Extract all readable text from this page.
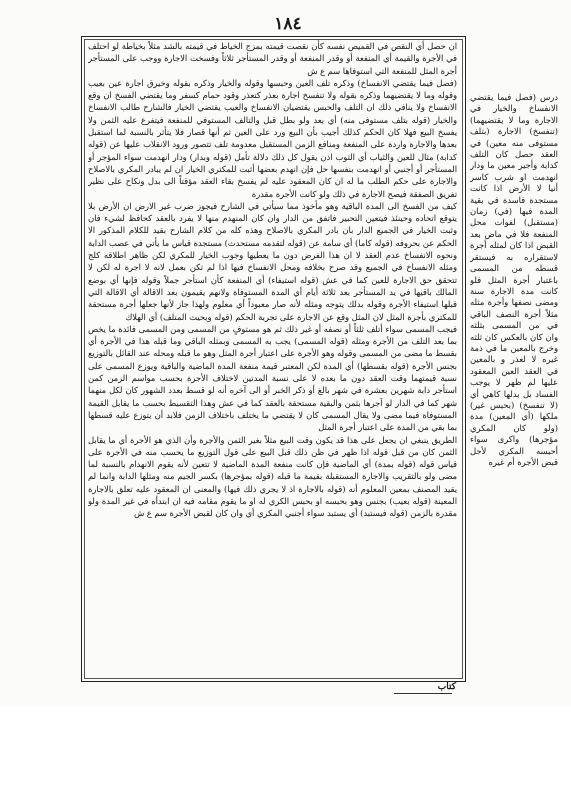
١٨٤

ان حصل أي النقص في القميص نفسه كأن نقصت قيمته بمزج الخياط في قيمته بالشد مثلاً بخياطة لو احتلف في الأجرة والقيمة أي المنفعة أو وقدر المنفعة أو وقدر المستأجر ثلاثاً وفسخت الاجارة ووجب على المستأجر أجرة المثل للمنفعة التي استوفاها سم ع ش

(فصل فيما يقتضي الانفساخ) وذكره تلف العين وحبسها وقوله والخيار وذكره بقوله وخيرق اجارة عين بعيب وقوله وما لا يقتضيهما وذكره بقوله ولا تنفسخ اجارة بعذر كتعذر وقود حمام كسفر وما يقتضي الفسخ ان وقع الانفساخ ولا ينافي ذلك ان التلف والحبس يقتضيان الانفساخ والعيب يقتضي الخيار فالشارح طالب الانفساخ والخيار (قوله بتلف مستوفى منه) أي بعد ولو بطل قبل والتالف المستوفي للمنفعة فيتفرع عليه الثمن ولا يفسخ البيع فهلا كان الحكم كذلك أجيب بأن البيع ورد على العين ثم أنها قصار فلا يتأثر بالنسبة لما استقبل بعدها والاجارة واردة على المنفعة ومنافع الزمن المستقبل معدومة تلف تتصور ورود الانقلاب عليها عن (قوله كدابة) مثال للعين والثياب أي الثوب اذن يقول كل ذلك دلالة تأمل (قوله وبدار) ودار انهدمت سواء المؤجر أو المستأجر أو أجنبي أو انهدمت بنفسها حل فإن انهدم بعضها أثبت للمكتري الخيار ان لم يبادر المكري بالاصلاح والاجارة على حكم الطلب ما له ان كان المعقود عليه لم يفسخ بقاء العقد مؤقتاً الى بدل ونكاح على نظير تفريق الصفقة فيصح الاجارة في ذلك ولو كانت الأجرة مقدرة

كيف من الفسخ الى المدة الباقية وهو مأخوذ مما سيأتي في الشارح فيجوز ضرب غير الارض ان الأرض بلا يتوقع اتحاده وحينئذ فيتعين التحبير فاتفق من الدار وان كان المنهدم منها لا يفرد بالعقد كحافظ لشيء فان وثبت الخيار في الجميع الدار بان بادر المكري بالاصلاح وهذه كله من كلام الشارح بقيد للكلام المذكور الا الحكم عن بحروفه (قوله كاما) أي سامة عن (قوله لتقدمه مستحدث) مستجدة قياس ما يأتي في عصب الدابة ونحوه الانفساخ عدم العقد لا ان هذا الفرض دون ما يعطيها وجوب الخيار للمكري لكن ظاهر اطلاقه كلج ومثله الانفساخ في الجميع وقد صرح بخلافه ومحل الانفساخ فيها اذا لم تكن بعمل لانه لا اجرة له لكن لا تتحقق حق الاجارة للعين كما في عش (قوله استيفاء) أي المنفعة كأن استأجر جملاً وقوله فإنها أي بوضع المالك باقيها في يد المستأجر بعد ثلاثة أيام أي المدة المستوفاة ولانهم يقيمون بعد الاقالة أي الاقالة التي قبلها استيفاء الأجرة وقوله بدلك يتوجه ومثله لأنه صار معبوداً أي معلوم ولهذا جاز لأنها جعلها أجرة مستحقة للمكتري بأجرة المثل لان المثل وقع عن الاجارة على تجربة الحكم (قوله وبحيث المتلف) أي الهلاك

فيجب المسمى سواء أتلف ثلثاً أو نصفه أو غير ذلك ثم هو مستوفٍ من المسمى ومن المسمى فائدة ما يخص بما بعد التلف من الأجرة ومثله (قوله المسمى) يجب به المسمى وبمثله الباقي وما قبله هذا في الأجرة أي بقسط ما مضى من المسمى وقوله وهو الأجرة على اعتبار أجرة المثل وهو ما قبله ومحله عند القائل بالتوزيع بجنس الأجرة (قوله بقسطها) أي المدة لكن المعتبر قيمة منفعة المدة الماضية والباقية ويوزع المسمى على نسبة قيمتهما وقت العقد دون ما بعده لا على نسبة المدتين لاختلاف الأجرة بحسب مواسم الزمن كمن استأجر دابة شهرين بعشرة في شهر بالغ أو ذكر الخبر أو الى آخره أنه لو قسط بعدد الشهور كان لكل منهما شهر كما في الدار لو آجرها بثمن والبقية مستحقة بالعقد كما في عش وهذا التقسيط بحسب ما يقابل القيمة المستوفاة فيما مضى ولا يقال المسمى كان لا يقتضي ما يختلف باختلاف الزمن فلابد أن يتوزع عليه قسطها بما بقي من المدة على اعتبار أجرة المثل

الطريق ينبغي ان يجعل على هذا قد يكون وقت البيع مثلاً بغير الثمن والأجرة وأن الذي هو الأجرة أي ما يقابل الثمن كان من قبل قوله اذا ظهر في ظن ذلك قبل البيع على قول التوزيع ما يحسب منه في الأجرة على قياس قوله (قوله بمدة) أي الماضية فإن كانت منفعة المدة الماضية لا تتعين لأنه يقوم الانهدام بالنسبة لما مضى ولو بالتقريب والاجارة المستقبلة بقيمة ما قبله (قوله بمؤجرها) بكسر الجيم منه ومثلها الدابة وانما لم يقيد المصنف بمعين المعلوم أنه (قوله بالاجارة اذ لا يجري ذلك فيها) والمعنى ان المعقود عليه تعلق بالاجارة المعينة (قوله بعيب) بجنس وهو بحبسه او بحبس الكري له او ما يقوم مقامه فيه ان ابتدأه في غير المدة ولو مقدرة بالزمن (قوله فيستبد) أي يستبد سواء أجنبي المكري أي وان كان لقبض الأجرة سم ع ش

درس (فصل فيما يقتضي الانفساخ والخيار في الاجارة وما لا يقتضيهما) (تنفسخ) الاجارة (بتلف مستوفى منه معين) في العقد حصل كان التلف كدابة وأجير معين ما ودار انهدمت او شرب كاسر أنيا لا الأرض اذا كانت مستجدة فاسدة في بقية المدة فيها (في) زمان (مستقبل) لفوات محل المنفعة فلا في ماض بعد القبض اذا كان لمثله أجرة لاستقراره به فيستقر قسطه من المسمى باعتبار أجرة المثل فلو كانت مدة الاجارة سنة ومضى نصفها وأجرة مثله مثلاً أجرة النصف الباقي في من المسمى بثلثه وان كان بالعكس كان ثلثه وخرج بالمعين ما في ذمة غيره لا لعذر و بالمعين في العقد العين المعقود عليها لم ظهر لا يوجب الفساد بل بدلها كاهي أي (لا تنفسخ) (بحبس غير) ملكها (أي المعين) مدة (ولو كان المكري مؤجرها) واكرى سواء أحبسه المكري لأجل قبض الأجرة أم غيره

كتاب
